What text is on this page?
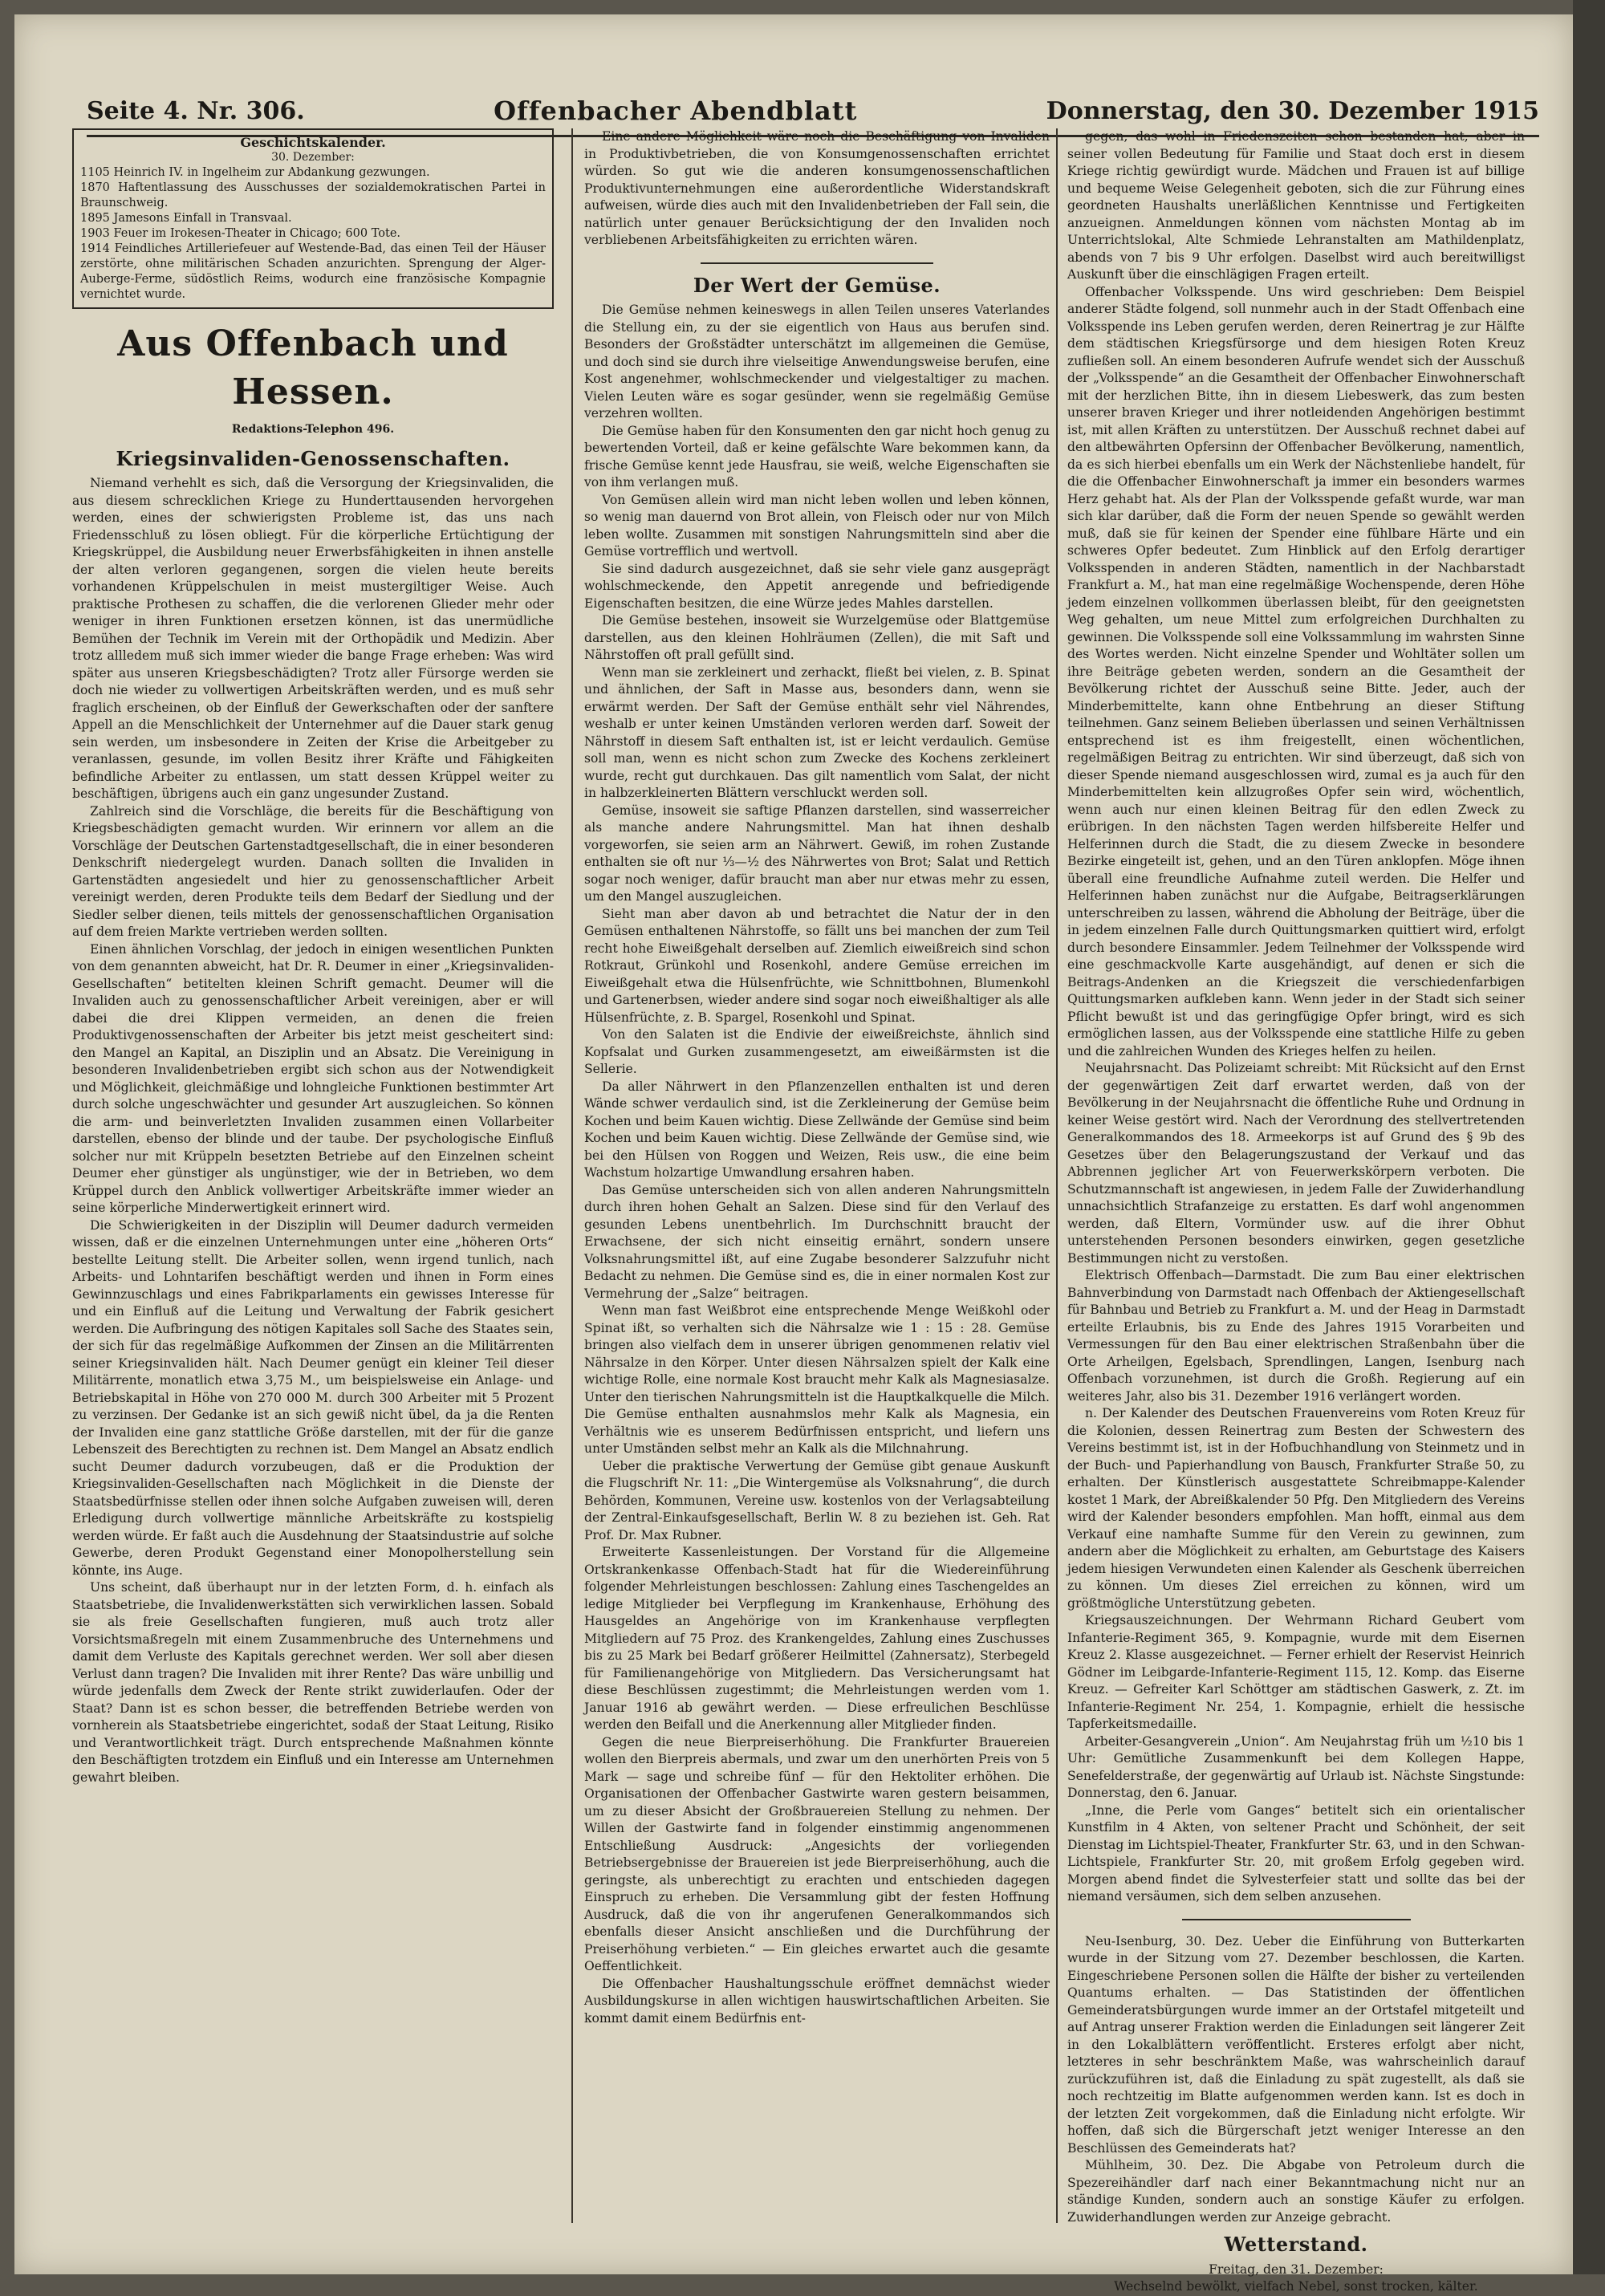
Seite 4. Nr. 306.	Offenbacher Abendblatt	Donnerstag, den 30. Dezember 1915
Geschichtskalender.
30. Dezember:

1105 Heinrich IV. in Ingelheim zur Abdankung gezwungen.

1870 Haftentlassung des Ausschusses der sozialdemokratischen Partei in Braunschweig.

1895 Jamesons Einfall in Transvaal.

1903 Feuer im Irokesen-Theater in Chicago; 600 Tote.

1914 Feindliches Artilleriefeuer auf Westende-Bad, das einen Teil der Häuser zerstörte, ohne militärischen Schaden anzurichten. Sprengung der Alger-Auberge-Ferme, südöstlich Reims, wodurch eine französische Kompagnie vernichtet wurde.

Aus Offenbach und Hessen.
Redaktions-Telephon 496.
Kriegsinvaliden-Genossenschaften.

Niemand verhehlt es sich, daß die Versorgung der Kriegsinvaliden, die aus diesem schrecklichen Kriege zu Hunderttausenden hervorgehen werden, eines der schwierigsten Probleme ist, das uns nach Friedensschluß zu lösen obliegt. Für die körperliche Ertüchtigung der Kriegskrüppel, die Ausbildung neuer Erwerbsfähigkeiten in ihnen anstelle der alten verloren gegangenen, sorgen die vielen heute bereits vorhandenen Krüppelschulen in meist mustergiltiger Weise. Auch praktische Prothesen zu schaffen, die die verlorenen Glieder mehr oder weniger in ihren Funktionen ersetzen können, ist das unermüdliche Bemühen der Technik im Verein mit der Orthopädik und Medizin. Aber trotz allledem muß sich immer wieder die bange Frage erheben: Was wird später aus unseren Kriegsbeschädigten? Trotz aller Fürsorge werden sie doch nie wieder zu vollwertigen Arbeitskräften werden, und es muß sehr fraglich erscheinen, ob der Einfluß der Gewerkschaften oder der sanftere Appell an die Menschlichkeit der Unternehmer auf die Dauer stark genug sein werden, um insbesondere in Zeiten der Krise die Arbeitgeber zu veranlassen, gesunde, im vollen Besitz ihrer Kräfte und Fähigkeiten befindliche Arbeiter zu entlassen, um statt dessen Krüppel weiter zu beschäftigen, übrigens auch ein ganz ungesunder Zustand.

Zahlreich sind die Vorschläge, die bereits für die Beschäftigung von Kriegsbeschädigten gemacht wurden. Wir erinnern vor allem an die Vorschläge der Deutschen Gartenstadtgesellschaft, die in einer besonderen Denkschrift niedergelegt wurden. Danach sollten die Invaliden in Gartenstädten angesiedelt und hier zu genossenschaftlicher Arbeit vereinigt werden, deren Produkte teils dem Bedarf der Siedlung und der Siedler selber dienen, teils mittels der genossenschaftlichen Organisation auf dem freien Markte vertrieben werden sollten.

Einen ähnlichen Vorschlag, der jedoch in einigen wesentlichen Punkten von dem genannten abweicht, hat Dr. R. Deumer in einer „Kriegsinvaliden-Gesellschaften“ betitelten kleinen Schrift gemacht. Deumer will die Invaliden auch zu genossenschaftlicher Arbeit vereinigen, aber er will dabei die drei Klippen vermeiden, an denen die freien Produktivgenossenschaften der Arbeiter bis jetzt meist gescheitert sind: den Mangel an Kapital, an Disziplin und an Absatz. Die Vereinigung in besonderen Invalidenbetrieben ergibt sich schon aus der Notwendigkeit und Möglichkeit, gleichmäßige und lohngleiche Funktionen bestimmter Art durch solche ungeschwächter und gesunder Art auszugleichen. So können die arm- und beinverletzten Invaliden zusammen einen Vollarbeiter darstellen, ebenso der blinde und der taube. Der psychologische Einfluß solcher nur mit Krüppeln besetzten Betriebe auf den Einzelnen scheint Deumer eher günstiger als ungünstiger, wie der in Betrieben, wo dem Krüppel durch den Anblick vollwertiger Arbeitskräfte immer wieder an seine körperliche Minderwertigkeit erinnert wird.

Die Schwierigkeiten in der Disziplin will Deumer dadurch vermeiden wissen, daß er die einzelnen Unternehmungen unter eine „höheren Orts“ bestellte Leitung stellt. Die Arbeiter sollen, wenn irgend tunlich, nach Arbeits- und Lohntarifen beschäftigt werden und ihnen in Form eines Gewinnzuschlags und eines Fabrikparlaments ein gewisses Interesse für und ein Einfluß auf die Leitung und Verwaltung der Fabrik gesichert werden. Die Aufbringung des nötigen Kapitales soll Sache des Staates sein, der sich für das regelmäßige Aufkommen der Zinsen an die Militärrenten seiner Kriegsinvaliden hält. Nach Deumer genügt ein kleiner Teil dieser Militärrente, monatlich etwa 3,75 M., um beispielsweise ein Anlage- und Betriebskapital in Höhe von 270 000 M. durch 300 Arbeiter mit 5 Prozent zu verzinsen. Der Gedanke ist an sich gewiß nicht übel, da ja die Renten der Invaliden eine ganz stattliche Größe darstellen, mit der für die ganze Lebenszeit des Berechtigten zu rechnen ist. Dem Mangel an Absatz endlich sucht Deumer dadurch vorzubeugen, daß er die Produktion der Kriegsinvaliden-Gesellschaften nach Möglichkeit in die Dienste der Staatsbedürfnisse stellen oder ihnen solche Aufgaben zuweisen will, deren Erledigung durch vollwertige männliche Arbeitskräfte zu kostspielig werden würde. Er faßt auch die Ausdehnung der Staatsindustrie auf solche Gewerbe, deren Produkt Gegenstand einer Monopolherstellung sein könnte, ins Auge.

Uns scheint, daß überhaupt nur in der letzten Form, d. h. einfach als Staatsbetriebe, die Invalidenwerkstätten sich verwirklichen lassen. Sobald sie als freie Gesellschaften fungieren, muß auch trotz aller Vorsichtsmaßregeln mit einem Zusammenbruche des Unternehmens und damit dem Verluste des Kapitals gerechnet werden. Wer soll aber diesen Verlust dann tragen? Die Invaliden mit ihrer Rente? Das wäre unbillig und würde jedenfalls dem Zweck der Rente strikt zuwiderlaufen. Oder der Staat? Dann ist es schon besser, die betreffenden Betriebe werden von vornherein als Staatsbetriebe eingerichtet, sodaß der Staat Leitung, Risiko und Verantwortlichkeit trägt. Durch entsprechende Maßnahmen könnte den Beschäftigten trotzdem ein Einfluß und ein Interesse am Unternehmen gewahrt bleiben.

Eine andere Möglichkeit wäre noch die Beschäftigung von Invaliden in Produktivbetrieben, die von Konsumgenossenschaften errichtet würden. So gut wie die anderen konsumgenossenschaftlichen Produktivunternehmungen eine außerordentliche Widerstandskraft aufweisen, würde dies auch mit den Invalidenbetrieben der Fall sein, die natürlich unter genauer Berücksichtigung der den Invaliden noch verbliebenen Arbeitsfähigkeiten zu errichten wären.

Der Wert der Gemüse.

Die Gemüse nehmen keineswegs in allen Teilen unseres Vaterlandes die Stellung ein, zu der sie eigentlich von Haus aus berufen sind. Besonders der Großstädter unterschätzt im allgemeinen die Gemüse, und doch sind sie durch ihre vielseitige Anwendungsweise berufen, eine Kost angenehmer, wohlschmeckender und vielgestaltiger zu machen. Vielen Leuten wäre es sogar gesünder, wenn sie regelmäßig Gemüse verzehren wollten.

Die Gemüse haben für den Konsumenten den gar nicht hoch genug zu bewertenden Vorteil, daß er keine gefälschte Ware bekommen kann, da frische Gemüse kennt jede Hausfrau, sie weiß, welche Eigenschaften sie von ihm verlangen muß.

Von Gemüsen allein wird man nicht leben wollen und leben können, so wenig man dauernd von Brot allein, von Fleisch oder nur von Milch leben wollte. Zusammen mit sonstigen Nahrungsmitteln sind aber die Gemüse vortrefflich und wertvoll.

Sie sind dadurch ausgezeichnet, daß sie sehr viele ganz ausgeprägt wohlschmeckende, den Appetit anregende und befriedigende Eigenschaften besitzen, die eine Würze jedes Mahles darstellen.

Die Gemüse bestehen, insoweit sie Wurzelgemüse oder Blattgemüse darstellen, aus den kleinen Hohlräumen (Zellen), die mit Saft und Nährstoffen oft prall gefüllt sind.

Wenn man sie zerkleinert und zerhackt, fließt bei vielen, z. B. Spinat und ähnlichen, der Saft in Masse aus, besonders dann, wenn sie erwärmt werden. Der Saft der Gemüse enthält sehr viel Nährendes, weshalb er unter keinen Umständen verloren werden darf. Soweit der Nährstoff in diesem Saft enthalten ist, ist er leicht verdaulich. Gemüse soll man, wenn es nicht schon zum Zwecke des Kochens zerkleinert wurde, recht gut durchkauen. Das gilt namentlich vom Salat, der nicht in halbzerkleinerten Blättern verschluckt werden soll.

Gemüse, insoweit sie saftige Pflanzen darstellen, sind wasserreicher als manche andere Nahrungsmittel. Man hat ihnen deshalb vorgeworfen, sie seien arm an Nährwert. Gewiß, im rohen Zustande enthalten sie oft nur ⅓—½ des Nährwertes von Brot; Salat und Rettich sogar noch weniger, dafür braucht man aber nur etwas mehr zu essen, um den Mangel auszugleichen.

Sieht man aber davon ab und betrachtet die Natur der in den Gemüsen enthaltenen Nährstoffe, so fällt uns bei manchen der zum Teil recht hohe Eiweißgehalt derselben auf. Ziemlich eiweißreich sind schon Rotkraut, Grünkohl und Rosenkohl, andere Gemüse erreichen im Eiweißgehalt etwa die Hülsenfrüchte, wie Schnittbohnen, Blumenkohl und Gartenerbsen, wieder andere sind sogar noch eiweißhaltiger als alle Hülsenfrüchte, z. B. Spargel, Rosenkohl und Spinat.

Von den Salaten ist die Endivie der eiweißreichste, ähnlich sind Kopfsalat und Gurken zusammengesetzt, am eiweißärmsten ist die Sellerie.

Da aller Nährwert in den Pflanzenzellen enthalten ist und deren Wände schwer verdaulich sind, ist die Zerkleinerung der Gemüse beim Kochen und beim Kauen wichtig. Diese Zellwände der Gemüse sind beim Kochen und beim Kauen wichtig. Diese Zellwände der Gemüse sind, wie bei den Hülsen von Roggen und Weizen, Reis usw., die eine beim Wachstum holzartige Umwandlung ersahren haben.

Das Gemüse unterscheiden sich von allen anderen Nahrungsmitteln durch ihren hohen Gehalt an Salzen. Diese sind für den Verlauf des gesunden Lebens unentbehrlich. Im Durchschnitt braucht der Erwachsene, der sich nicht einseitig ernährt, sondern unsere Volksnahrungsmittel ißt, auf eine Zugabe besonderer Salzzufuhr nicht Bedacht zu nehmen. Die Gemüse sind es, die in einer normalen Kost zur Vermehrung der „Salze“ beitragen.

Wenn man fast Weißbrot eine entsprechende Menge Weißkohl oder Spinat ißt, so verhalten sich die Nährsalze wie 1 : 15 : 28. Gemüse bringen also vielfach dem in unserer übrigen genommenen relativ viel Nährsalze in den Körper. Unter diesen Nährsalzen spielt der Kalk eine wichtige Rolle, eine normale Kost braucht mehr Kalk als Magnesiasalze. Unter den tierischen Nahrungsmitteln ist die Hauptkalkquelle die Milch. Die Gemüse enthalten ausnahmslos mehr Kalk als Magnesia, ein Verhältnis wie es unserem Bedürfnissen entspricht, und liefern uns unter Umständen selbst mehr an Kalk als die Milchnahrung.

Ueber die praktische Verwertung der Gemüse gibt genaue Auskunft die Flugschrift Nr. 11: „Die Wintergemüse als Volksnahrung“, die durch Behörden, Kommunen, Vereine usw. kostenlos von der Verlagsabteilung der Zentral-Einkaufsgesellschaft, Berlin W. 8 zu beziehen ist. Geh. Rat Prof. Dr. Max Rubner.

Erweiterte Kassenleistungen. Der Vorstand für die Allgemeine Ortskrankenkasse Offenbach-Stadt hat für die Wiedereinführung folgender Mehrleistungen beschlossen: Zahlung eines Taschengeldes an ledige Mitglieder bei Verpflegung im Krankenhause, Erhöhung des Hausgeldes an Angehörige von im Krankenhause verpflegten Mitgliedern auf 75 Proz. des Krankengeldes, Zahlung eines Zuschusses bis zu 25 Mark bei Bedarf größerer Heilmittel (Zahnersatz), Sterbegeld für Familienangehörige von Mitgliedern. Das Versicherungsamt hat diese Beschlüssen zugestimmt; die Mehrleistungen werden vom 1. Januar 1916 ab gewährt werden. — Diese erfreulichen Beschlüsse werden den Beifall und die Anerkennung aller Mitglieder finden.

Gegen die neue Bierpreiserhöhung. Die Frankfurter Brauereien wollen den Bierpreis abermals, und zwar um den unerhörten Preis von 5 Mark — sage und schreibe fünf — für den Hektoliter erhöhen. Die Organisationen der Offenbacher Gastwirte waren gestern beisammen, um zu dieser Absicht der Großbrauereien Stellung zu nehmen. Der Willen der Gastwirte fand in folgender einstimmig angenommenen Entschließung Ausdruck: „Angesichts der vorliegenden Betriebsergebnisse der Brauereien ist jede Bierpreiserhöhung, auch die geringste, als unberechtigt zu erachten und entschieden dagegen Einspruch zu erheben. Die Versammlung gibt der festen Hoffnung Ausdruck, daß die von ihr angerufenen Generalkommandos sich ebenfalls dieser Ansicht anschließen und die Durchführung der Preiserhöhung verbieten.“ — Ein gleiches erwartet auch die gesamte Oeffentlichkeit.

Die Offenbacher Haushaltungsschule eröffnet demnächst wieder Ausbildungskurse in allen wichtigen hauswirtschaftlichen Arbeiten. Sie kommt damit einem Bedürfnis ent-

gegen, das wohl in Friedenszeiten schon bestanden hat, aber in seiner vollen Bedeutung für Familie und Staat doch erst in diesem Kriege richtig gewürdigt wurde. Mädchen und Frauen ist auf billige und bequeme Weise Gelegenheit geboten, sich die zur Führung eines geordneten Haushalts unerläßlichen Kenntnisse und Fertigkeiten anzueignen. Anmeldungen können vom nächsten Montag ab im Unterrichtslokal, Alte Schmiede Lehranstalten am Mathildenplatz, abends von 7 bis 9 Uhr erfolgen. Daselbst wird auch bereitwilligst Auskunft über die einschlägigen Fragen erteilt.

Offenbacher Volksspende. Uns wird geschrieben: Dem Beispiel anderer Städte folgend, soll nunmehr auch in der Stadt Offenbach eine Volksspende ins Leben gerufen werden, deren Reinertrag je zur Hälfte dem städtischen Kriegsfürsorge und dem hiesigen Roten Kreuz zufließen soll. An einem besonderen Aufrufe wendet sich der Ausschuß der „Volksspende“ an die Gesamtheit der Offenbacher Einwohnerschaft mit der herzlichen Bitte, ihn in diesem Liebeswerk, das zum besten unserer braven Krieger und ihrer notleidenden Angehörigen bestimmt ist, mit allen Kräften zu unterstützen. Der Ausschuß rechnet dabei auf den altbewährten Opfersinn der Offenbacher Bevölkerung, namentlich, da es sich hierbei ebenfalls um ein Werk der Nächstenliebe handelt, für die die Offenbacher Einwohnerschaft ja immer ein besonders warmes Herz gehabt hat. Als der Plan der Volksspende gefaßt wurde, war man sich klar darüber, daß die Form der neuen Spende so gewählt werden muß, daß sie für keinen der Spender eine fühlbare Härte und ein schweres Opfer bedeutet. Zum Hinblick auf den Erfolg derartiger Volksspenden in anderen Städten, namentlich in der Nachbarstadt Frankfurt a. M., hat man eine regelmäßige Wochenspende, deren Höhe jedem einzelnen vollkommen überlassen bleibt, für den geeignetsten Weg gehalten, um neue Mittel zum erfolgreichen Durchhalten zu gewinnen. Die Volksspende soll eine Volkssammlung im wahrsten Sinne des Wortes werden. Nicht einzelne Spender und Wohltäter sollen um ihre Beiträge gebeten werden, sondern an die Gesamtheit der Bevölkerung richtet der Ausschuß seine Bitte. Jeder, auch der Minderbemittelte, kann ohne Entbehrung an dieser Stiftung teilnehmen. Ganz seinem Belieben überlassen und seinen Verhältnissen entsprechend ist es ihm freigestellt, einen wöchentlichen, regelmäßigen Beitrag zu entrichten. Wir sind überzeugt, daß sich von dieser Spende niemand ausgeschlossen wird, zumal es ja auch für den Minderbemittelten kein allzugroßes Opfer sein wird, wöchentlich, wenn auch nur einen kleinen Beitrag für den edlen Zweck zu erübrigen. In den nächsten Tagen werden hilfsbereite Helfer und Helferinnen durch die Stadt, die zu diesem Zwecke in besondere Bezirke eingeteilt ist, gehen, und an den Türen anklopfen. Möge ihnen überall eine freundliche Aufnahme zuteil werden. Die Helfer und Helferinnen haben zunächst nur die Aufgabe, Beitragserklärungen unterschreiben zu lassen, während die Abholung der Beiträge, über die in jedem einzelnen Falle durch Quittungsmarken quittiert wird, erfolgt durch besondere Einsammler. Jedem Teilnehmer der Volksspende wird eine geschmackvolle Karte ausgehändigt, auf denen er sich die Beitrags-Andenken an die Kriegszeit die verschiedenfarbigen Quittungsmarken aufkleben kann. Wenn jeder in der Stadt sich seiner Pflicht bewußt ist und das geringfügige Opfer bringt, wird es sich ermöglichen lassen, aus der Volksspende eine stattliche Hilfe zu geben und die zahlreichen Wunden des Krieges helfen zu heilen.

Neujahrsnacht. Das Polizeiamt schreibt: Mit Rücksicht auf den Ernst der gegenwärtigen Zeit darf erwartet werden, daß von der Bevölkerung in der Neujahrsnacht die öffentliche Ruhe und Ordnung in keiner Weise gestört wird. Nach der Verordnung des stellvertretenden Generalkommandos des 18. Armeekorps ist auf Grund des § 9b des Gesetzes über den Belagerungszustand der Verkauf und das Abbrennen jeglicher Art von Feuerwerkskörpern verboten. Die Schutzmannschaft ist angewiesen, in jedem Falle der Zuwiderhandlung unnachsichtlich Strafanzeige zu erstatten. Es darf wohl angenommen werden, daß Eltern, Vormünder usw. auf die ihrer Obhut unterstehenden Personen besonders einwirken, gegen gesetzliche Bestimmungen nicht zu verstoßen.

Elektrisch Offenbach—Darmstadt. Die zum Bau einer elektrischen Bahnverbindung von Darmstadt nach Offenbach der Aktiengesellschaft für Bahnbau und Betrieb zu Frankfurt a. M. und der Heag in Darmstadt erteilte Erlaubnis, bis zu Ende des Jahres 1915 Vorarbeiten und Vermessungen für den Bau einer elektrischen Straßenbahn über die Orte Arheilgen, Egelsbach, Sprendlingen, Langen, Isenburg nach Offenbach vorzunehmen, ist durch die Großh. Regierung auf ein weiteres Jahr, also bis 31. Dezember 1916 verlängert worden.

n. Der Kalender des Deutschen Frauenvereins vom Roten Kreuz für die Kolonien, dessen Reinertrag zum Besten der Schwestern des Vereins bestimmt ist, ist in der Hofbuchhandlung von Steinmetz und in der Buch- und Papierhandlung von Bausch, Frankfurter Straße 50, zu erhalten. Der Künstlerisch ausgestattete Schreibmappe-Kalender kostet 1 Mark, der Abreißkalender 50 Pfg. Den Mitgliedern des Vereins wird der Kalender besonders empfohlen. Man hofft, einmal aus dem Verkauf eine namhafte Summe für den Verein zu gewinnen, zum andern aber die Möglichkeit zu erhalten, am Geburtstage des Kaisers jedem hiesigen Verwundeten einen Kalender als Geschenk überreichen zu können. Um dieses Ziel erreichen zu können, wird um größtmögliche Unterstützung gebeten.

Kriegsauszeichnungen. Der Wehrmann Richard Geubert vom Infanterie-Regiment 365, 9. Kompagnie, wurde mit dem Eisernen Kreuz 2. Klasse ausgezeichnet. — Ferner erhielt der Reservist Heinrich Gödner im Leibgarde-Infanterie-Regiment 115, 12. Komp. das Eiserne Kreuz. — Gefreiter Karl Schöttger am städtischen Gaswerk, z. Zt. im Infanterie-Regiment Nr. 254, 1. Kompagnie, erhielt die hessische Tapferkeitsmedaille.

Arbeiter-Gesangverein „Union“. Am Neujahrstag früh um ½10 bis 1 Uhr: Gemütliche Zusammenkunft bei dem Kollegen Happe, Senefelderstraße, der gegenwärtig auf Urlaub ist. Nächste Singstunde: Donnerstag, den 6. Januar.

„Inne, die Perle vom Ganges“ betitelt sich ein orientalischer Kunstfilm in 4 Akten, von seltener Pracht und Schönheit, der seit Dienstag im Lichtspiel-Theater, Frankfurter Str. 63, und in den Schwan-Lichtspiele, Frankfurter Str. 20, mit großem Erfolg gegeben wird. Morgen abend findet die Sylvesterfeier statt und sollte das bei der niemand versäumen, sich dem selben anzusehen.

Neu-Isenburg, 30. Dez. Ueber die Einführung von Butterkarten wurde in der Sitzung vom 27. Dezember beschlossen, die Karten. Eingeschriebene Personen sollen die Hälfte der bisher zu verteilenden Quantums erhalten. — Das Statistinden der öffentlichen Gemeinderatsbürgungen wurde immer an der Ortstafel mitgeteilt und auf Antrag unserer Fraktion werden die Einladungen seit längerer Zeit in den Lokalblättern veröffentlicht. Ersteres erfolgt aber nicht, letzteres in sehr beschränktem Maße, was wahrscheinlich darauf zurückzuführen ist, daß die Einladung zu spät zugestellt, als daß sie noch rechtzeitig im Blatte aufgenommen werden kann. Ist es doch in der letzten Zeit vorgekommen, daß die Einladung nicht erfolgte. Wir hoffen, daß sich die Bürgerschaft jetzt weniger Interesse an den Beschlüssen des Gemeinderats hat?

Mühlheim, 30. Dez. Die Abgabe von Petroleum durch die Spezereihändler darf nach einer Bekanntmachung nicht nur an ständige Kunden, sondern auch an sonstige Käufer zu erfolgen. Zuwiderhandlungen werden zur Anzeige gebracht.

Wetterstand.

Freitag, den 31. Dezember:

Wechselnd bewölkt, vielfach Nebel, sonst trocken, kälter.
